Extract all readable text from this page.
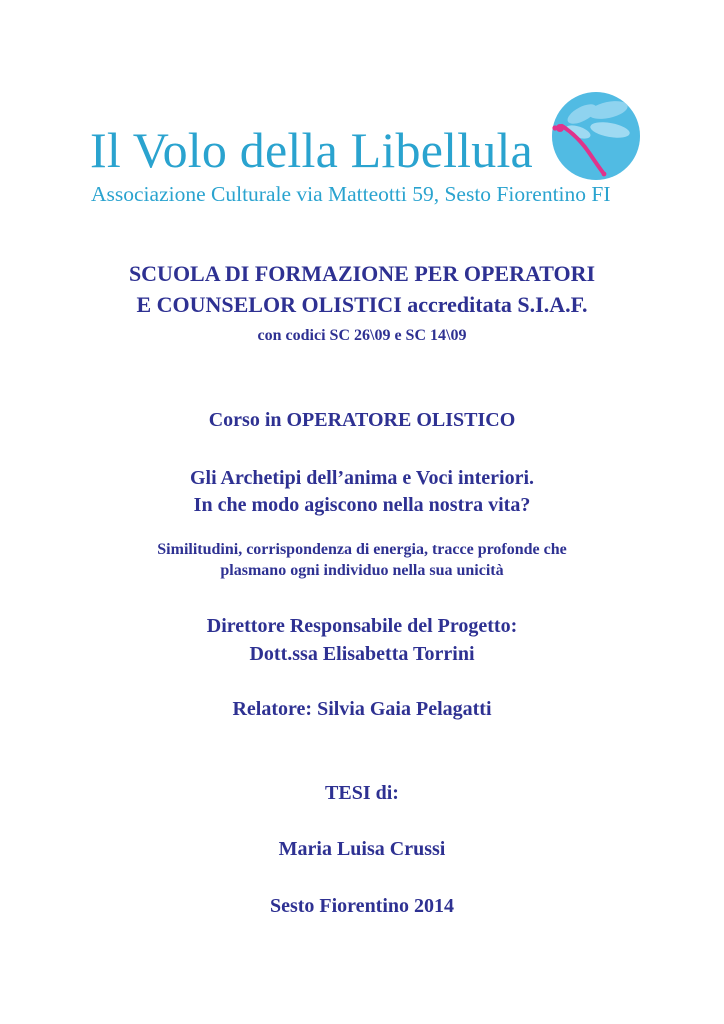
Il Volo della Libellula
Associazione Culturale via Matteotti 59, Sesto Fiorentino FI
SCUOLA DI FORMAZIONE PER OPERATORI
E COUNSELOR OLISTICI accreditata S.I.A.F.
con codici SC 26\09 e SC 14\09
Corso in OPERATORE OLISTICO
Gli Archetipi dell’anima e Voci interiori.
In che modo agiscono nella nostra vita?
Similitudini, corrispondenza di energia, tracce profonde che
plasmano ogni individuo nella sua unicità
Direttore Responsabile del Progetto:
Dott.ssa Elisabetta Torrini
Relatore: Silvia Gaia Pelagatti
TESI di:
Maria Luisa Crussi
Sesto Fiorentino 2014
